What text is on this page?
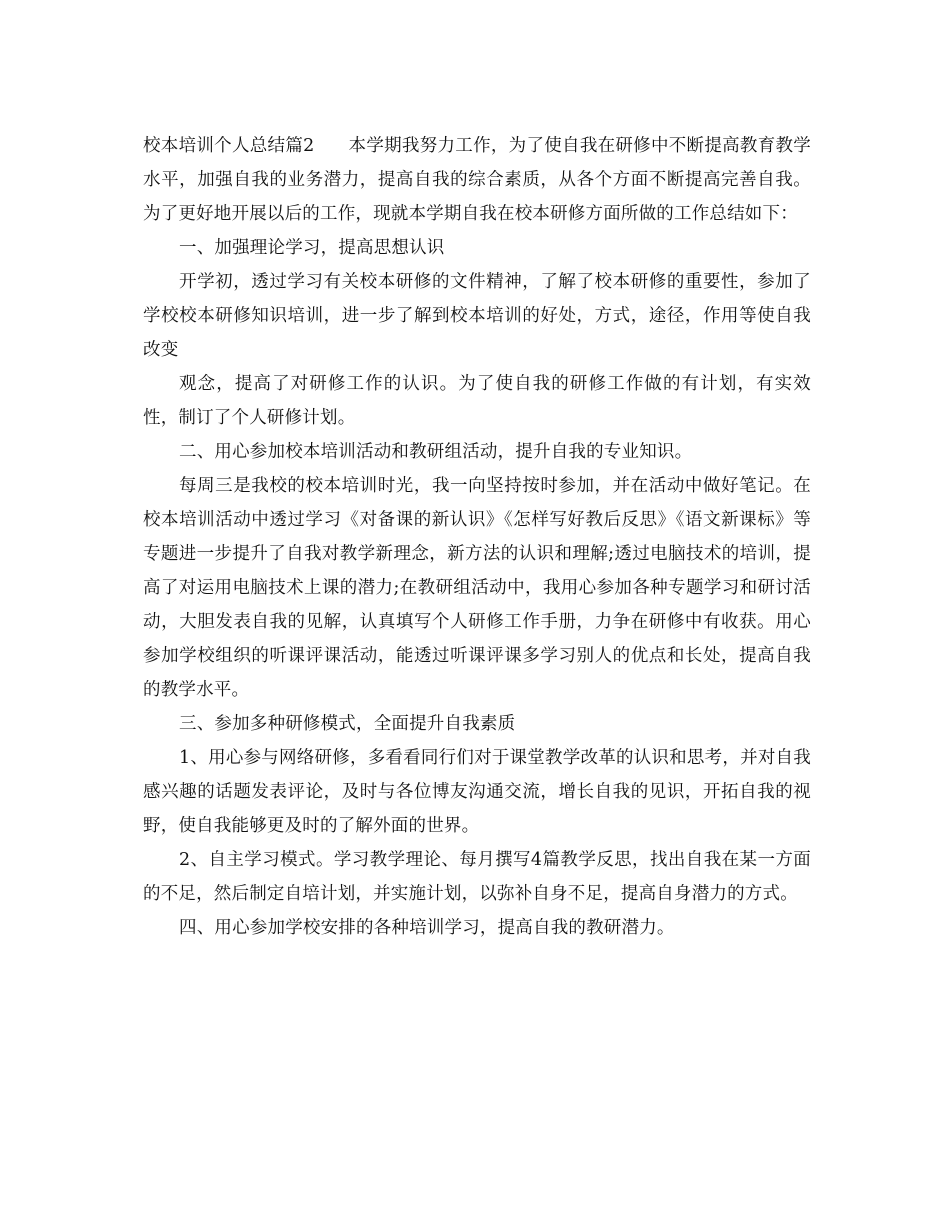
校本培训个人总结篇2 本学期我努力工作，为了使自我在研修中不断提高教育教学水平，加强自我的业务潜力，提高自我的综合素质，从各个方面不断提高完善自我。为了更好地开展以后的工作，现就本学期自我在校本研修方面所做的工作总结如下：

一、加强理论学习，提高思想认识

开学初，透过学习有关校本研修的文件精神，了解了校本研修的重要性，参加了学校校本研修知识培训，进一步了解到校本培训的好处，方式，途径，作用等使自我改变

观念，提高了对研修工作的认识。为了使自我的研修工作做的有计划，有实效性，制订了个人研修计划。

二、用心参加校本培训活动和教研组活动，提升自我的专业知识。

每周三是我校的校本培训时光，我一向坚持按时参加，并在活动中做好笔记。在校本培训活动中透过学习《对备课的新认识》《怎样写好教后反思》《语文新课标》等专题进一步提升了自我对教学新理念，新方法的认识和理解;透过电脑技术的培训，提高了对运用电脑技术上课的潜力;在教研组活动中，我用心参加各种专题学习和研讨活动，大胆发表自我的见解，认真填写个人研修工作手册，力争在研修中有收获。用心参加学校组织的听课评课活动，能透过听课评课多学习别人的优点和长处，提高自我的教学水平。

三、参加多种研修模式，全面提升自我素质

1、用心参与网络研修，多看看同行们对于课堂教学改革的认识和思考，并对自我感兴趣的话题发表评论，及时与各位博友沟通交流，增长自我的见识，开拓自我的视野，使自我能够更及时的了解外面的世界。

2、自主学习模式。学习教学理论、每月撰写4篇教学反思，找出自我在某一方面的不足，然后制定自培计划，并实施计划，以弥补自身不足，提高自身潜力的方式。

四、用心参加学校安排的各种培训学习，提高自我的教研潜力。
